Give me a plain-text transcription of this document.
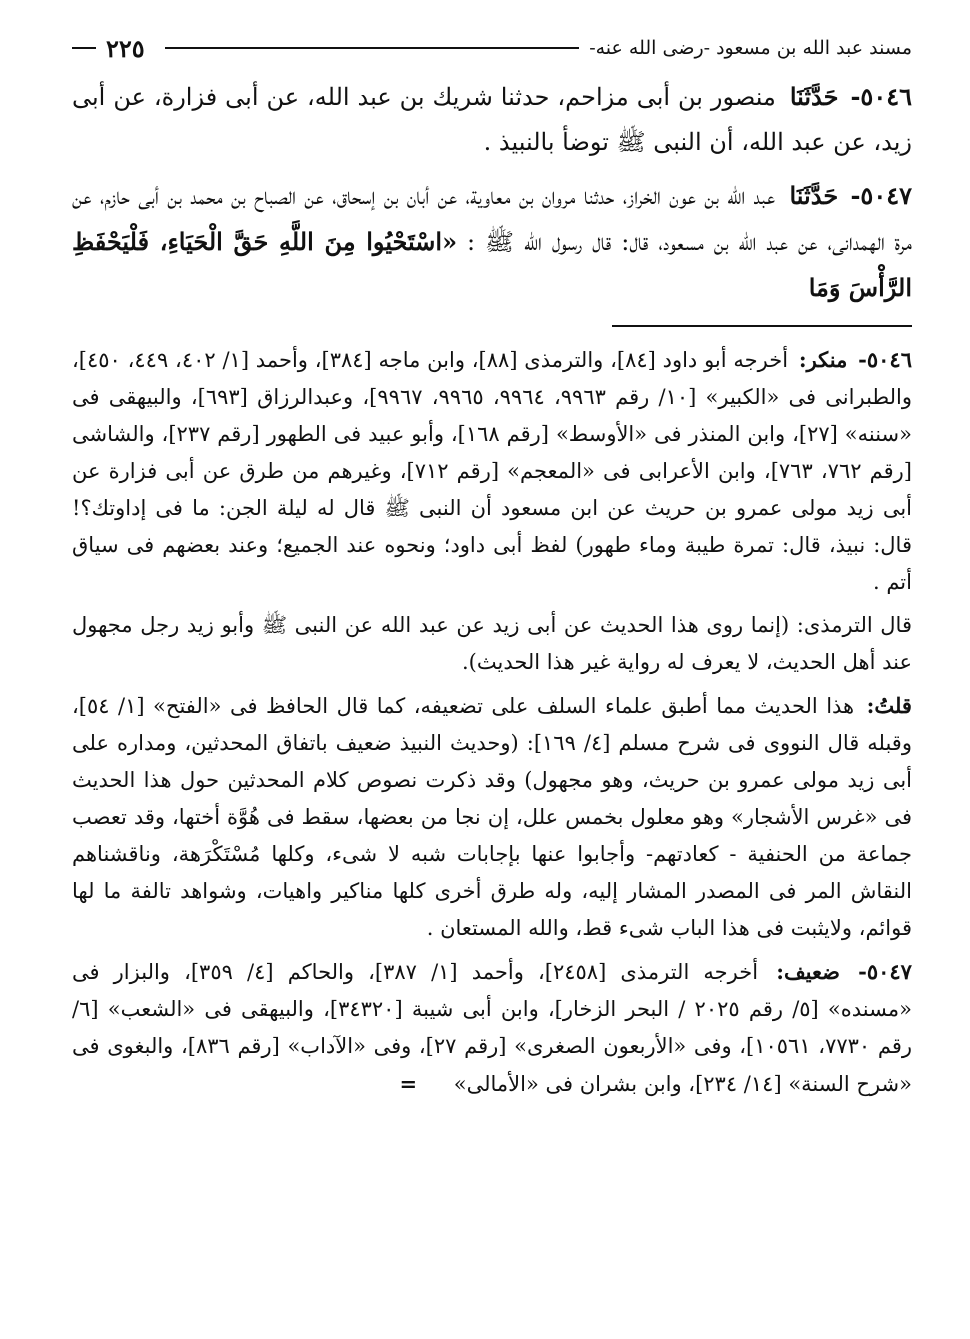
مسند عبد الله بن مسعود -رضى الله عنه-
٢٢٥

٥٠٤٦- حَدَّثَنَا منصور بن أبى مزاحم، حدثنا شريك بن عبد الله، عن أبى فزارة، عن أبى زيد، عن عبد الله، أن النبى ﷺ توضأ بالنبيذ .

٥٠٤٧- حَدَّثَنَا عبد الله بن عون الخراز، حدثنا مروان بن معاوية، عن أبان بن إسحاق، عن الصباح بن محمد بن أبى حازم، عن مرة الهمدانى، عن عبد الله بن مسعود، قال: قال رسول الله ﷺ : «اسْتَحْيُوا مِنَ اللَّهِ حَقَّ الْحَيَاءِ، فَلْيَحْفَظِ الرَّأْسَ وَمَا

٥٠٤٦- منكر: أخرجه أبو داود [٨٤]، والترمذى [٨٨]، وابن ماجه [٣٨٤]، وأحمد [١/ ٤٠٢، ٤٤٩، ٤٥٠]، والطبرانى فى «الكبير» [١٠/ رقم ٩٩٦٣، ٩٩٦٤، ٩٩٦٥، ٩٩٦٧]، وعبدالرزاق [٦٩٣]، والبيهقى فى «سننه» [٢٧]، وابن المنذر فى «الأوسط» [رقم ١٦٨]، وأبو عبيد فى الطهور [رقم ٢٣٧]، والشاشى [رقم ٧٦٢، ٧٦٣]، وابن الأعرابى فى «المعجم» [رقم ٧١٢]، وغيرهم من طرق عن أبى فزارة عن أبى زيد مولى عمرو بن حريث عن ابن مسعود أن النبى ﷺ قال له ليلة الجن: ما فى إداوتك؟! قال: نبيذ، قال: تمرة طيبة وماء طهور) لفظ أبى داود؛ ونحوه عند الجميع؛ وعند بعضهم فى سياق أتم .

قال الترمذى: (إنما روى هذا الحديث عن أبى زيد عن عبد الله عن النبى ﷺ وأبو زيد رجل مجهول عند أهل الحديث، لا يعرف له رواية غير هذا الحديث).

قلتُ: هذا الحديث مما أطبق علماء السلف على تضعيفه، كما قال الحافظ فى «الفتح» [١/ ٥٤]، وقبله قال النووى فى شرح مسلم [٤/ ١٦٩]: (وحديث النبيذ ضعيف باتفاق المحدثين، ومداره على أبى زيد مولى عمرو بن حريث، وهو مجهول) وقد ذكرت نصوص كلام المحدثين حول هذا الحديث فى «غرس الأشجار» وهو معلول بخمس علل، إن نجا من بعضها، سقط فى هُوَّة أختها، وقد تعصب جماعة من الحنفية - كعادتهم- وأجابوا عنها بإجابات شبه لا شىء، وكلها مُسْتَكْرَهة، وناقشناهم النقاش المر فى المصدر المشار إليه، وله طرق أخرى كلها مناكير واهيات، وشواهد تالفة ما لها قوائم، ولايثبت فى هذا الباب شىء قط، والله المستعان .

٥٠٤٧- ضعيف: أخرجه الترمذى [٢٤٥٨]، وأحمد [١/ ٣٨٧]، والحاكم [٤/ ٣٥٩]، والبزار فى «مسنده» [٥/ رقم ٢٠٢٥ / البحر الزخار]، وابن أبى شيبة [٣٤٣٢٠]، والبيهقى فى «الشعب» [٦/ رقم ٧٧٣٠، ١٠٥٦١]، وفى «الأربعون الصغرى» [رقم ٢٧]، وفى «الآداب» [رقم ٨٣٦]، والبغوى فى «شرح السنة» [١٤/ ٢٣٤]، وابن بشران فى «الأمالى» =
